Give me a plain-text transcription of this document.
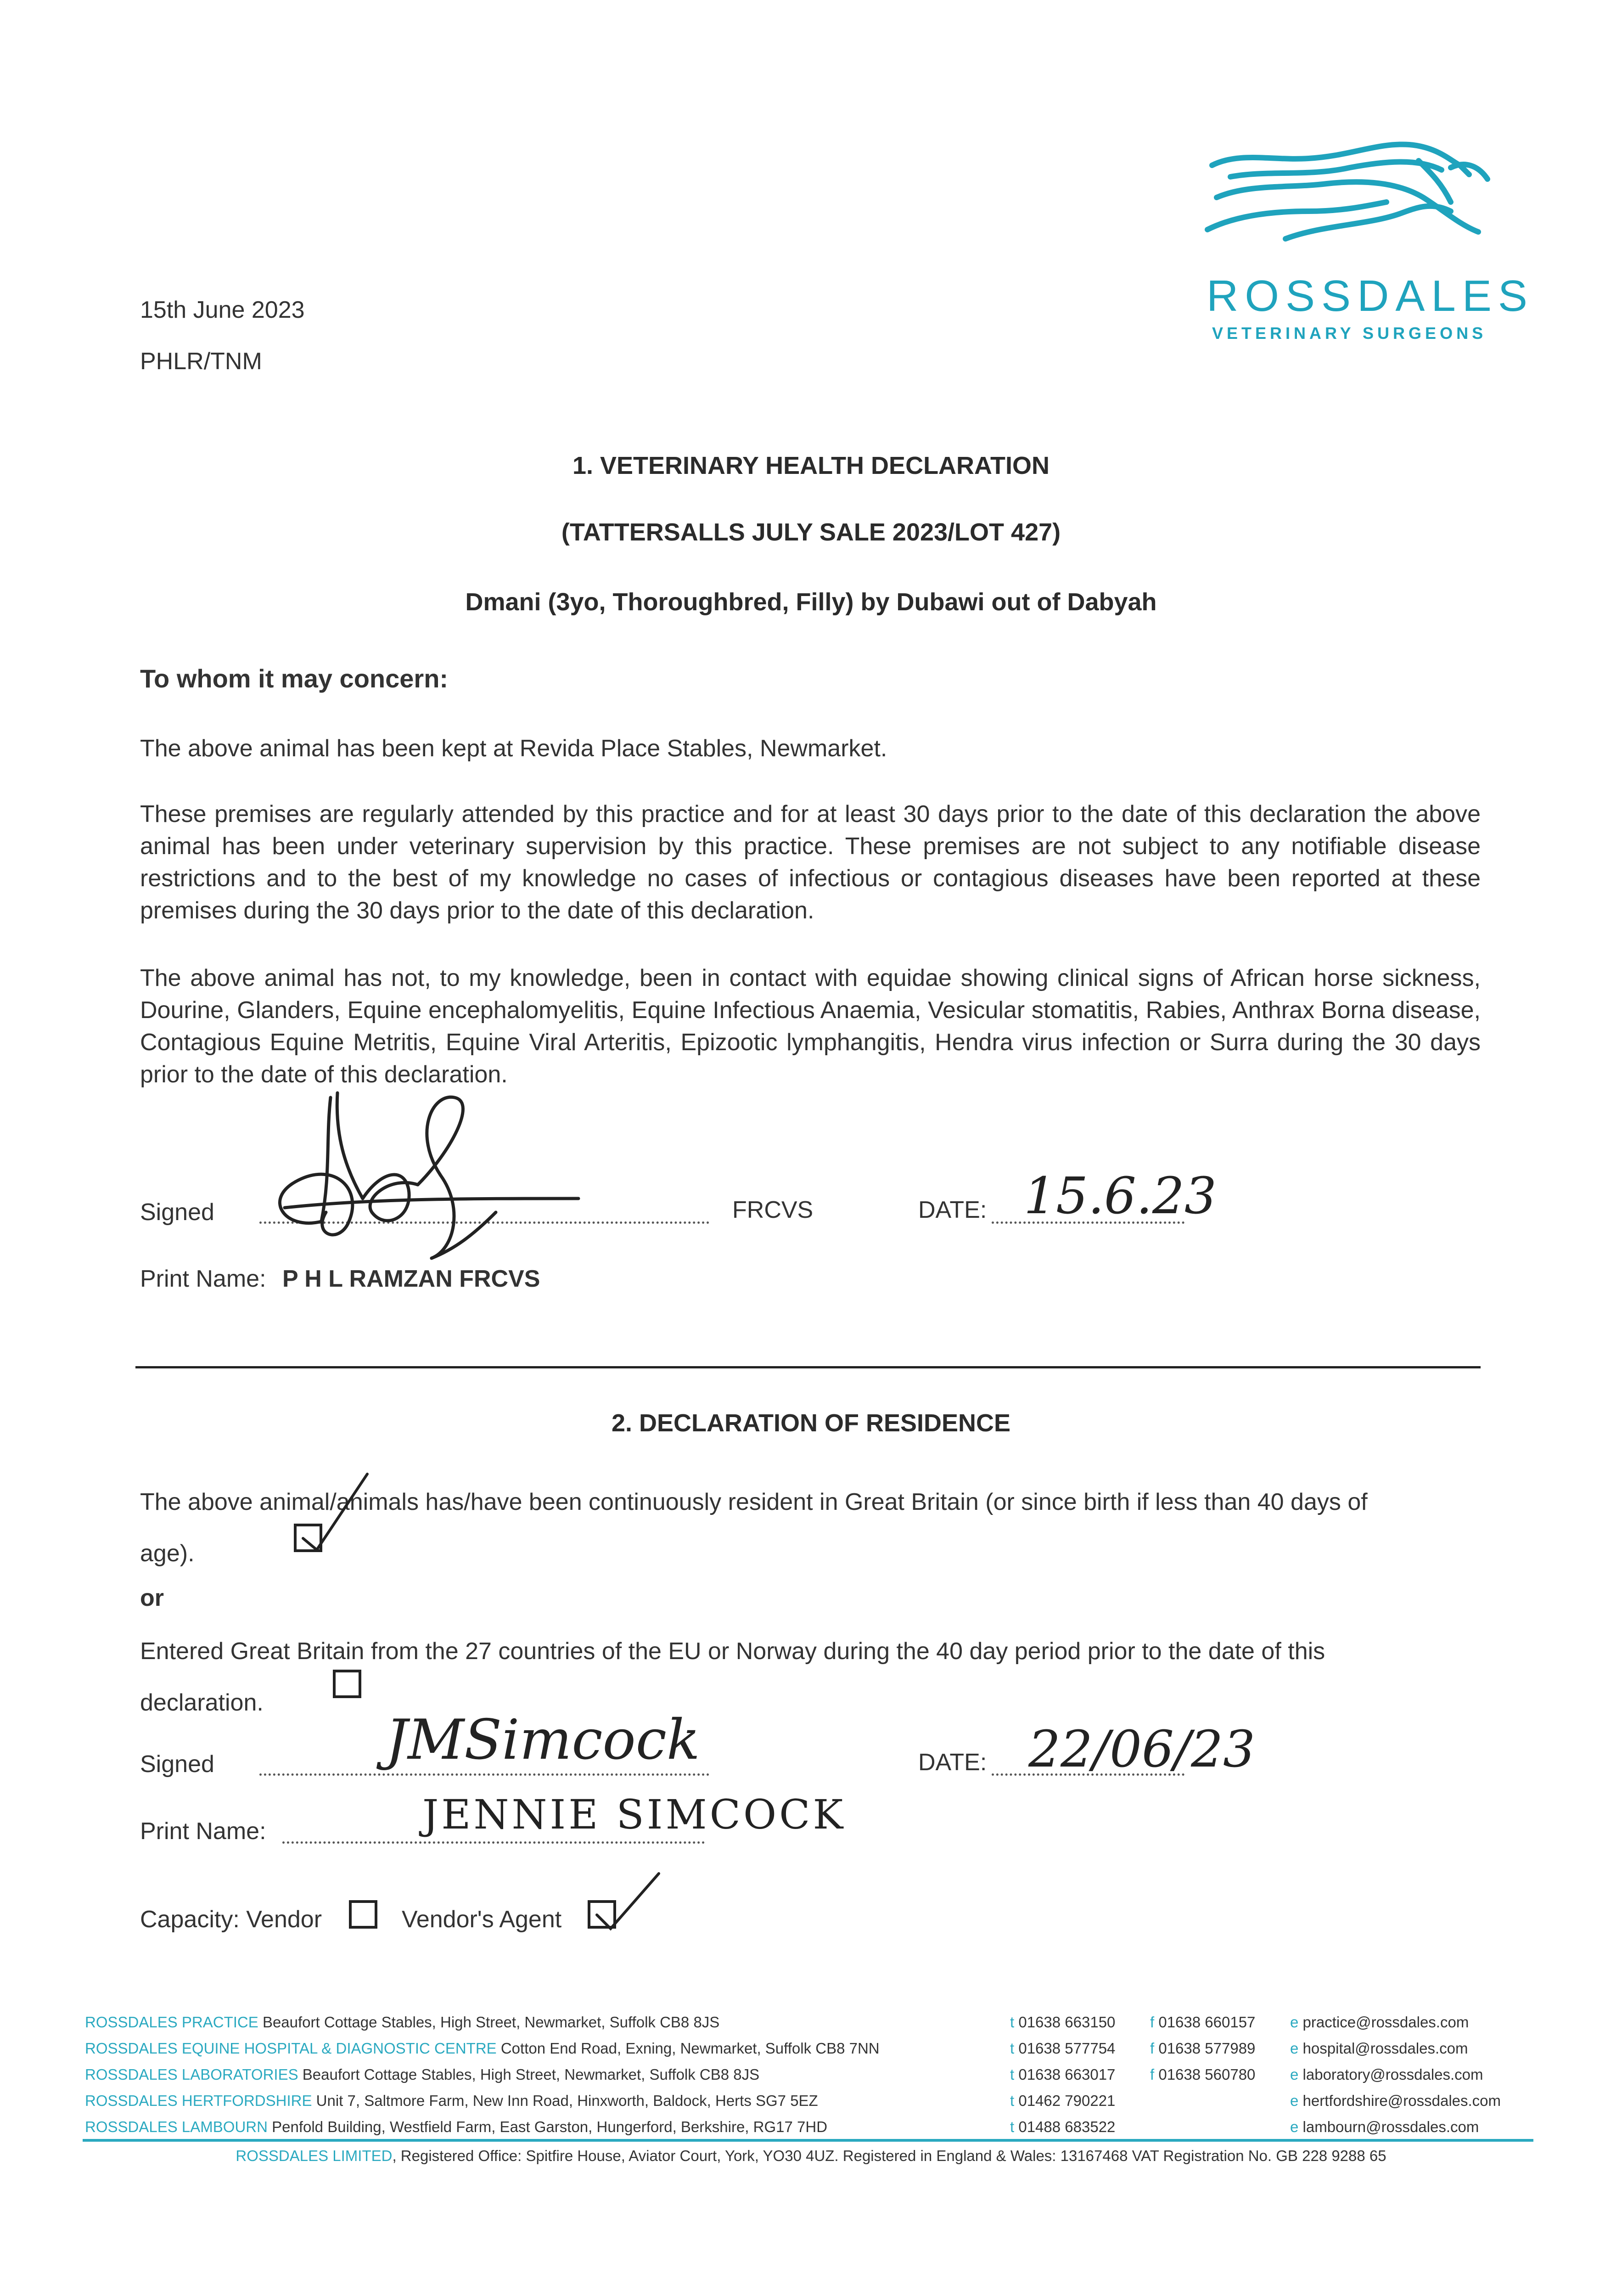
ROSSDALES
VETERINARY SURGEONS
15th June 2023
PHLR/TNM
1. VETERINARY HEALTH DECLARATION
(TATTERSALLS JULY SALE 2023/LOT 427)
Dmani (3yo, Thoroughbred, Filly) by Dubawi out of Dabyah
To whom it may concern:
The above animal has been kept at Revida Place Stables, Newmarket.
These premises are regularly attended by this practice and for at least 30 days prior to the date of this declaration the above animal has been under veterinary supervision by this practice. These premises are not subject to any notifiable disease restrictions and to the best of my knowledge no cases of infectious or contagious diseases have been reported at these premises during the 30 days prior to the date of this declaration.
The above animal has not, to my knowledge, been in contact with equidae showing clinical signs of African horse sickness, Dourine, Glanders, Equine encephalomyelitis, Equine Infectious Anaemia, Vesicular stomatitis, Rabies, Anthrax Borna disease, Contagious Equine Metritis, Equine Viral Arteritis, Epizootic lymphangitis, Hendra virus infection or Surra during the 30 days prior to the date of this declaration.
Signed	FRCVS	DATE: 15.6.23
Print Name: P H L RAMZAN FRCVS
2. DECLARATION OF RESIDENCE
The above animal/animals has/have been continuously resident in Great Britain (or since birth if less than 40 days of age).
or
Entered Great Britain from the 27 countries of the EU or Norway during the 40 day period prior to the date of this declaration.
Signed	JMSimcock	DATE: 22/06/23
Print Name:	JENNIE SIMCOCK
Capacity: Vendor	Vendor's Agent
ROSSDALES PRACTICE Beaufort Cottage Stables, High Street, Newmarket, Suffolk CB8 8JS	t 01638 663150 f 01638 660157 e practice@rossdales.com
ROSSDALES EQUINE HOSPITAL & DIAGNOSTIC CENTRE Cotton End Road, Exning, Newmarket, Suffolk CB8 7NN	t 01638 577754 f 01638 577989 e hospital@rossdales.com
ROSSDALES LABORATORIES Beaufort Cottage Stables, High Street, Newmarket, Suffolk CB8 8JS	t 01638 663017 f 01638 560780 e laboratory@rossdales.com
ROSSDALES HERTFORDSHIRE Unit 7, Saltmore Farm, New Inn Road, Hinxworth, Baldock, Herts SG7 5EZ	t 01462 790221	e hertfordshire@rossdales.com
ROSSDALES LAMBOURN Penfold Building, Westfield Farm, East Garston, Hungerford, Berkshire, RG17 7HD	t 01488 683522	e lambourn@rossdales.com
ROSSDALES LIMITED, Registered Office: Spitfire House, Aviator Court, York, YO30 4UZ. Registered in England & Wales: 13167468 VAT Registration No. GB 228 9288 65
